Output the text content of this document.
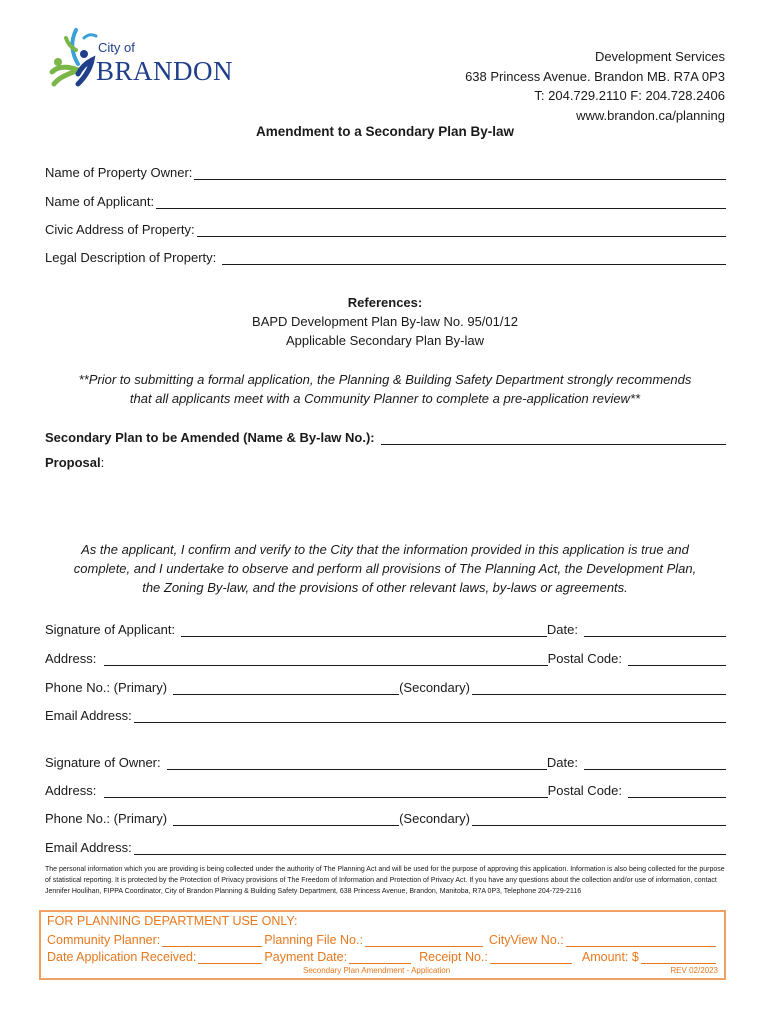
City of
BRANDON	Development Services
638 Princess Avenue. Brandon MB. R7A 0P3
T: 204.729.2110 F: 204.728.2406
www.brandon.ca/planning
Amendment to a Secondary Plan By-law
Name of Property Owner:
Name of Applicant:
Civic Address of Property:
Legal Description of Property:
References:
BAPD Development Plan By-law No. 95/01/12
Applicable Secondary Plan By-law
**Prior to submitting a formal application, the Planning & Building Safety Department strongly recommends
that all applicants meet with a Community Planner to complete a pre-application review**
Secondary Plan to be Amended (Name & By-law No.):
Proposal:
As the applicant, I confirm and verify to the City that the information provided in this application is true and
complete, and I undertake to observe and perform all provisions of The Planning Act, the Development Plan,
the Zoning By-law, and the provisions of other relevant laws, by-laws or agreements.
Signature of Applicant:	Date:
Address:	Postal Code:
Phone No.: (Primary)	(Secondary)
Email Address:
Signature of Owner:	Date:
Address:	Postal Code:
Phone No.: (Primary)	(Secondary)
Email Address:
The personal information which you are providing is being collected under the authority of The Planning Act and will be used for the purpose of approving this application. Information is also being collected for the purpose
of statistical reporting. It is protected by the Protection of Privacy provisions of The Freedom of Information and Protection of Privacy Act. If you have any questions about the collection and/or use of information, contact
Jennifer Houlihan, FIPPA Coordinator, City of Brandon Planning & Building Safety Department, 638 Princess Avenue, Brandon, Manitoba, R7A 0P3, Telephone 204-729-2116
FOR PLANNING DEPARTMENT USE ONLY:
Community Planner:	Planning File No.:	CityView No.:
Date Application Received:	Payment Date:	Receipt No.:	Amount: $
Secondary Plan Amendment - Application	REV 02/2023
